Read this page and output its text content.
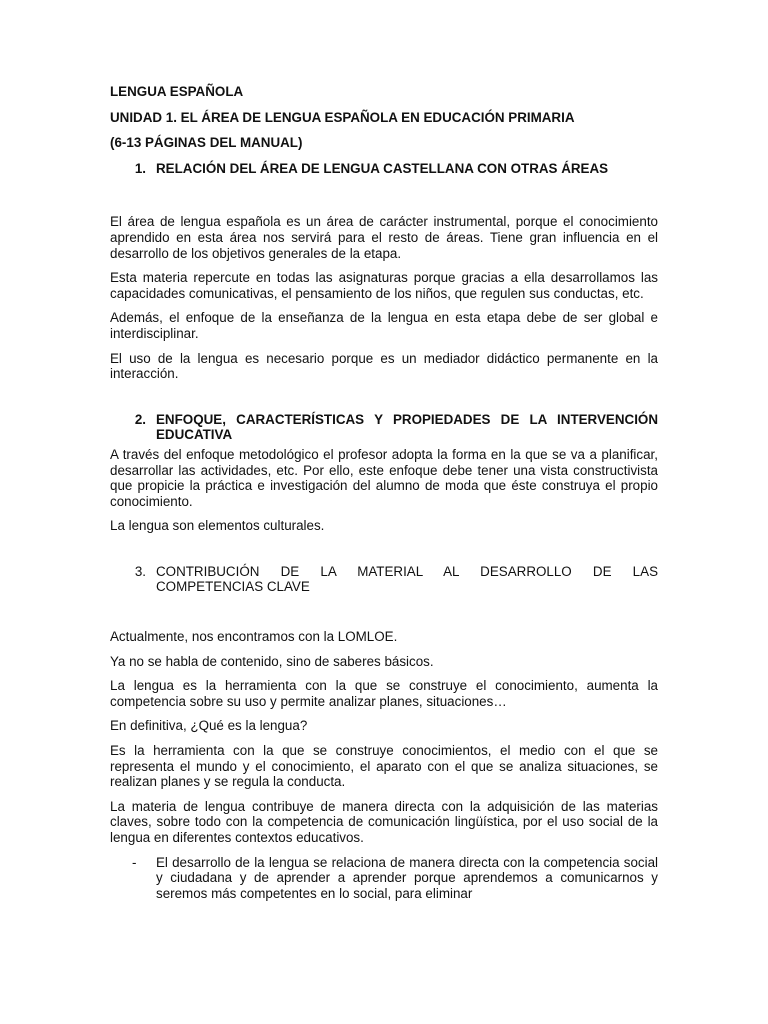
LENGUA ESPAÑOLA

UNIDAD 1. EL ÁREA DE LENGUA ESPAÑOLA EN EDUCACIÓN PRIMARIA

(6-13 PÁGINAS DEL MANUAL)

1. RELACIÓN DEL ÁREA DE LENGUA CASTELLANA CON OTRAS ÁREAS

El área de lengua española es un área de carácter instrumental, porque el conocimiento aprendido en esta área nos servirá para el resto de áreas. Tiene gran influencia en el desarrollo de los objetivos generales de la etapa.

Esta materia repercute en todas las asignaturas porque gracias a ella desarrollamos las capacidades comunicativas, el pensamiento de los niños, que regulen sus conductas, etc.

Además, el enfoque de la enseñanza de la lengua en esta etapa debe de ser global e interdisciplinar.

El uso de la lengua es necesario porque es un mediador didáctico permanente en la interacción.

2. ENFOQUE, CARACTERÍSTICAS Y PROPIEDADES DE LA INTERVENCIÓN
EDUCATIVA

A través del enfoque metodológico el profesor adopta la forma en la que se va a planificar, desarrollar las actividades, etc. Por ello, este enfoque debe tener una vista constructivista que propicie la práctica e investigación del alumno de moda que éste construya el propio conocimiento.

La lengua son elementos culturales.

3. CONTRIBUCIÓN DE LA MATERIAL AL DESARROLLO DE LAS
COMPETENCIAS CLAVE

Actualmente, nos encontramos con la LOMLOE.

Ya no se habla de contenido, sino de saberes básicos.

La lengua es la herramienta con la que se construye el conocimiento, aumenta la competencia sobre su uso y permite analizar planes, situaciones…

En definitiva, ¿Qué es la lengua?

Es la herramienta con la que se construye conocimientos, el medio con el que se representa el mundo y el conocimiento, el aparato con el que se analiza situaciones, se realizan planes y se regula la conducta.

La materia de lengua contribuye de manera directa con la adquisición de las materias claves, sobre todo con la competencia de comunicación lingüística, por el uso social de la lengua en diferentes contextos educativos.

-	El desarrollo de la lengua se relaciona de manera directa con la competencia social y ciudadana y de aprender a aprender porque aprendemos a comunicarnos y seremos más competentes en lo social, para eliminar
